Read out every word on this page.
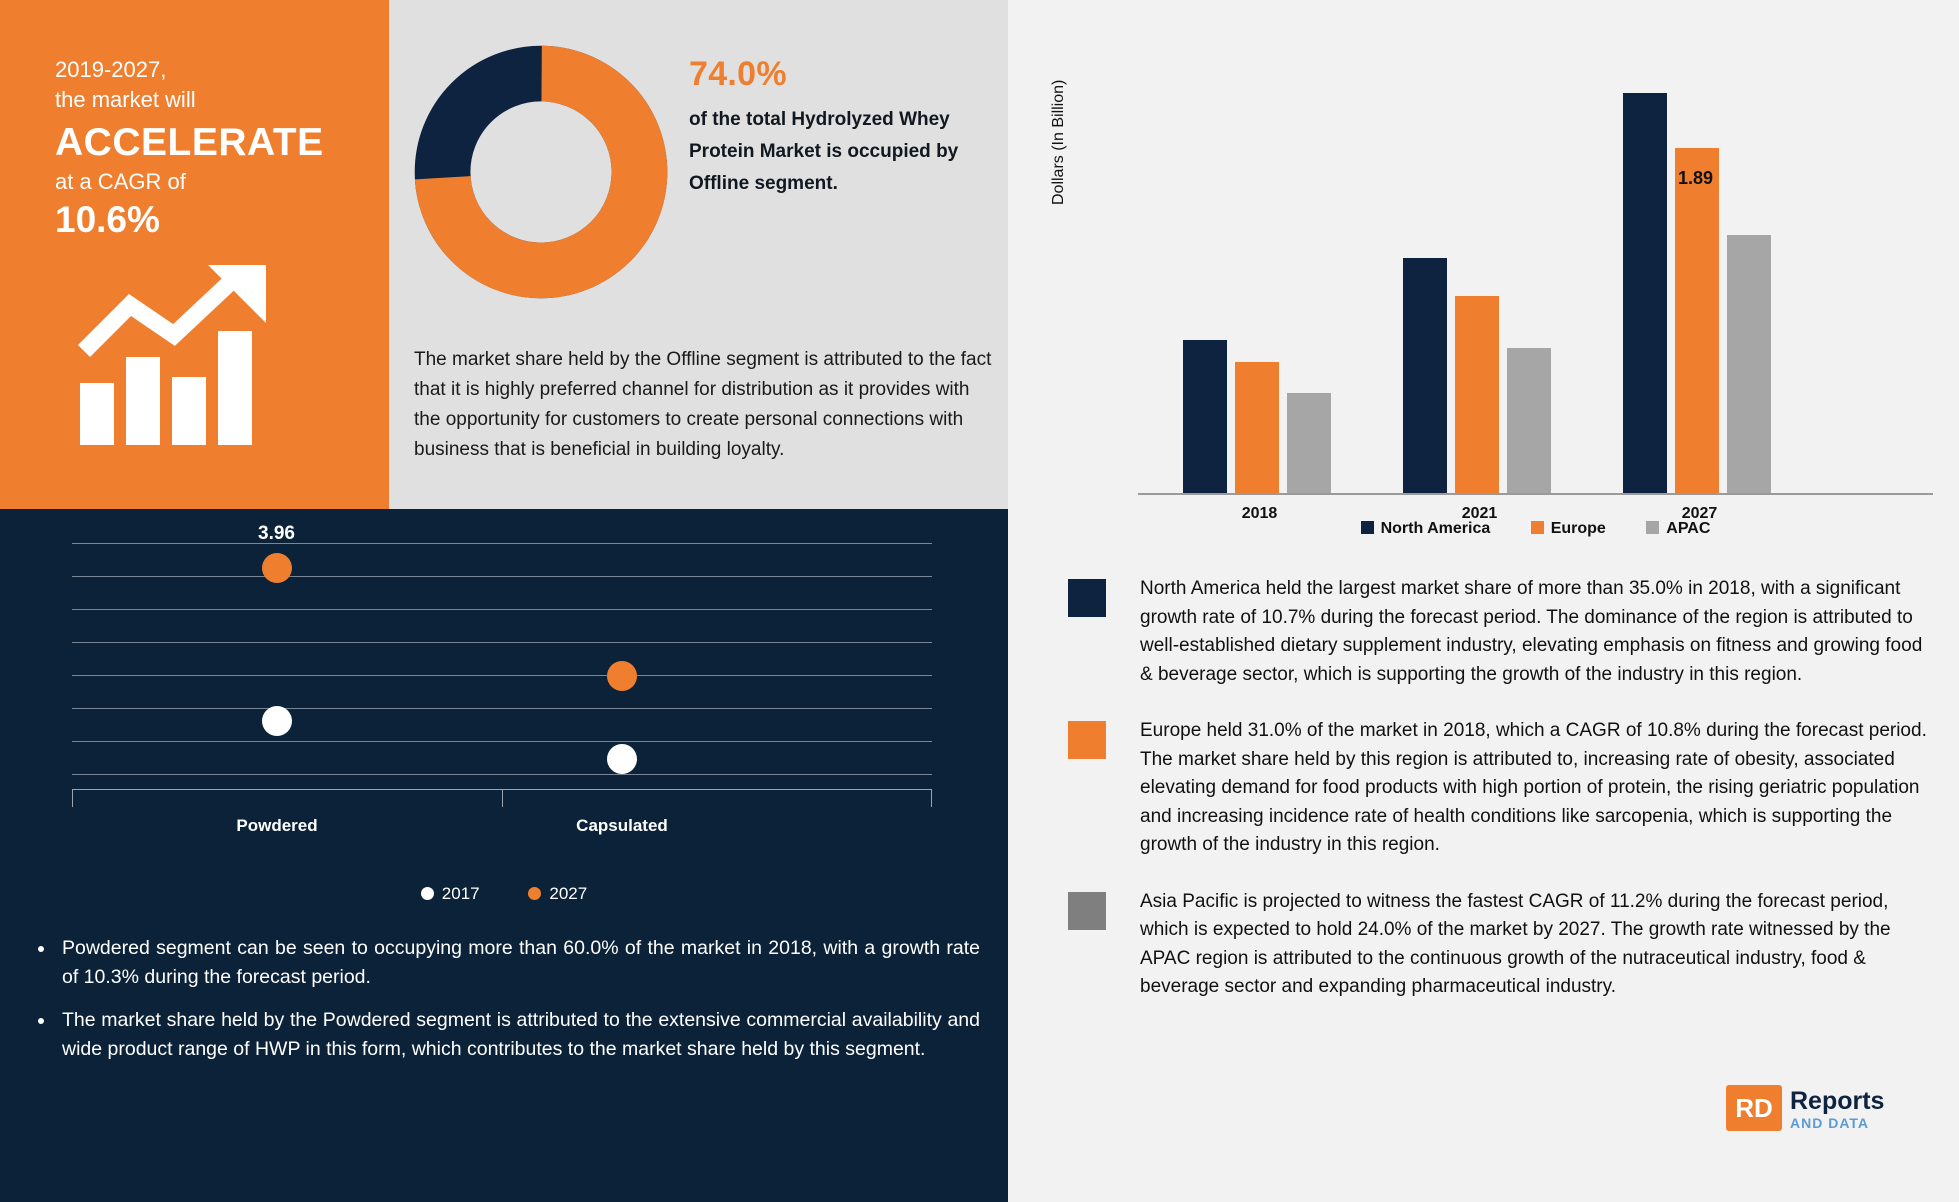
2019-2027,
the market will
ACCELERATE
at a CAGR of
10.6%
74.0%
of the total Hydrolyzed Whey Protein Market is occupied by Offline segment.
The market share held by the Offline segment is attributed to the fact that it is highly preferred channel for distribution as it provides with the opportunity for customers to create personal connections with business that is beneficial in building loyalty.
3.96
Powdered	Capsulated
2017	2027
• Powdered segment can be seen to occupying more than 60.0% of the market in 2018, with a growth rate of 10.3% during the forecast period.
• The market share held by the Powdered segment is attributed to the extensive commercial availability and wide product range of HWP in this form, which contributes to the market share held by this segment.
Dollars (In Billion)	1.89
2018	2021	2027
North America	Europe	APAC

North America held the largest market share of more than 35.0% in 2018, with a significant growth rate of 10.7% during the forecast period. The dominance of the region is attributed to well-established dietary supplement industry, elevating emphasis on fitness and growing food & beverage sector, which is supporting the growth of the industry in this region.

Europe held 31.0% of the market in 2018, which a CAGR of 10.8% during the forecast period. The market share held by this region is attributed to, increasing rate of obesity, associated elevating demand for food products with high portion of protein, the rising geriatric population and increasing incidence rate of health conditions like sarcopenia, which is supporting the growth of the industry in this region.

Asia Pacific is projected to witness the fastest CAGR of 11.2% during the forecast period, which is expected to hold 24.0% of the market by 2027. The growth rate witnessed by the APAC region is attributed to the continuous growth of the nutraceutical industry, food & beverage sector and expanding pharmaceutical industry.

RD Reports
AND DATA
